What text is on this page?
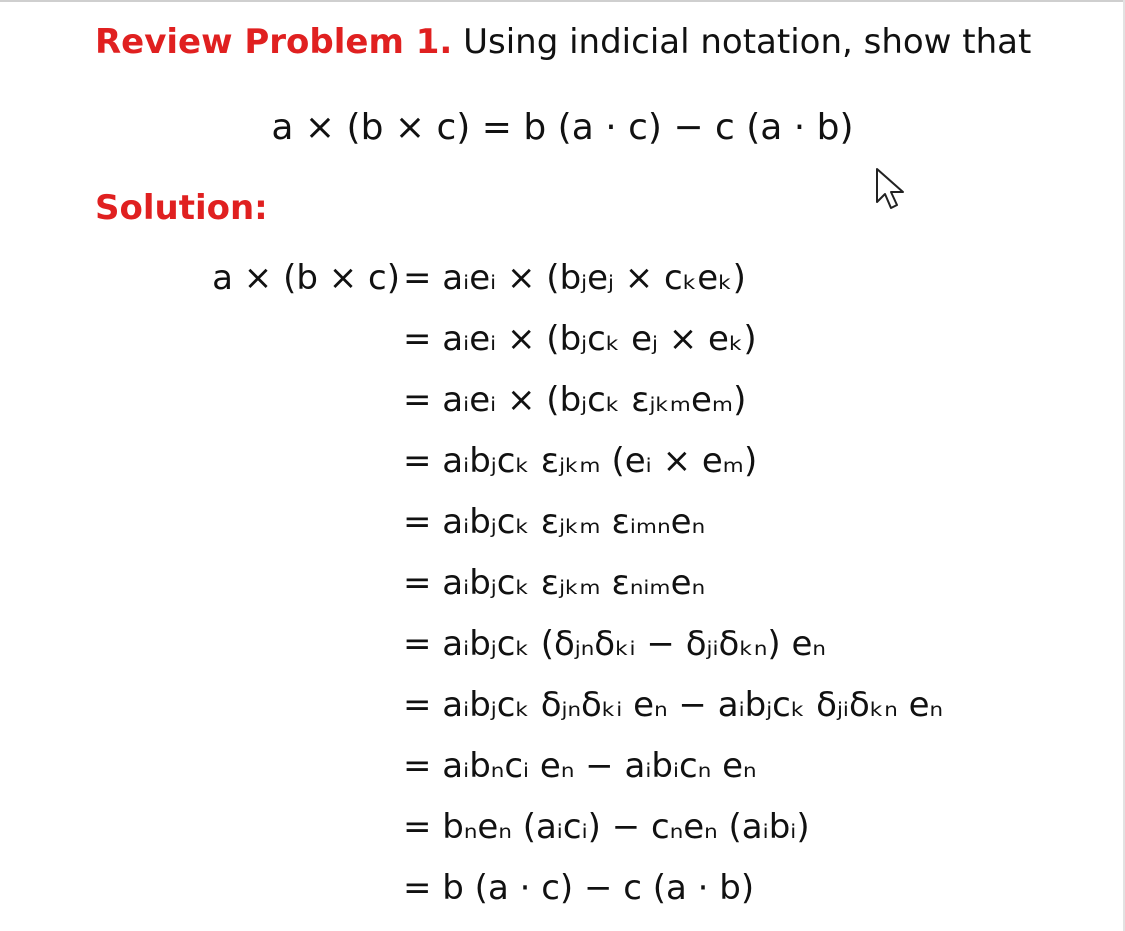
Review Problem 1. Using indicial notation, show that
a × (b × c) = b (a · c) − c (a · b)
Solution:
a × (b × c) = aᵢeᵢ × (bⱼeⱼ × cₖeₖ)
= aᵢeᵢ × (bⱼcₖ eⱼ × eₖ)
= aᵢeᵢ × (bⱼcₖ εⱼₖₘeₘ)
= aᵢbⱼcₖ εⱼₖₘ (eᵢ × eₘ)
= aᵢbⱼcₖ εⱼₖₘ εᵢₘₙeₙ
= aᵢbⱼcₖ εⱼₖₘ εₙᵢₘeₙ
= aᵢbⱼcₖ (δⱼₙδₖᵢ − δⱼᵢδₖₙ) eₙ
= aᵢbⱼcₖ δⱼₙδₖᵢ eₙ − aᵢbⱼcₖ δⱼᵢδₖₙ eₙ
= aᵢbₙcᵢ eₙ − aᵢbᵢcₙ eₙ
= bₙeₙ (aᵢcᵢ) − cₙeₙ (aᵢbᵢ)
= b (a · c) − c (a · b)
